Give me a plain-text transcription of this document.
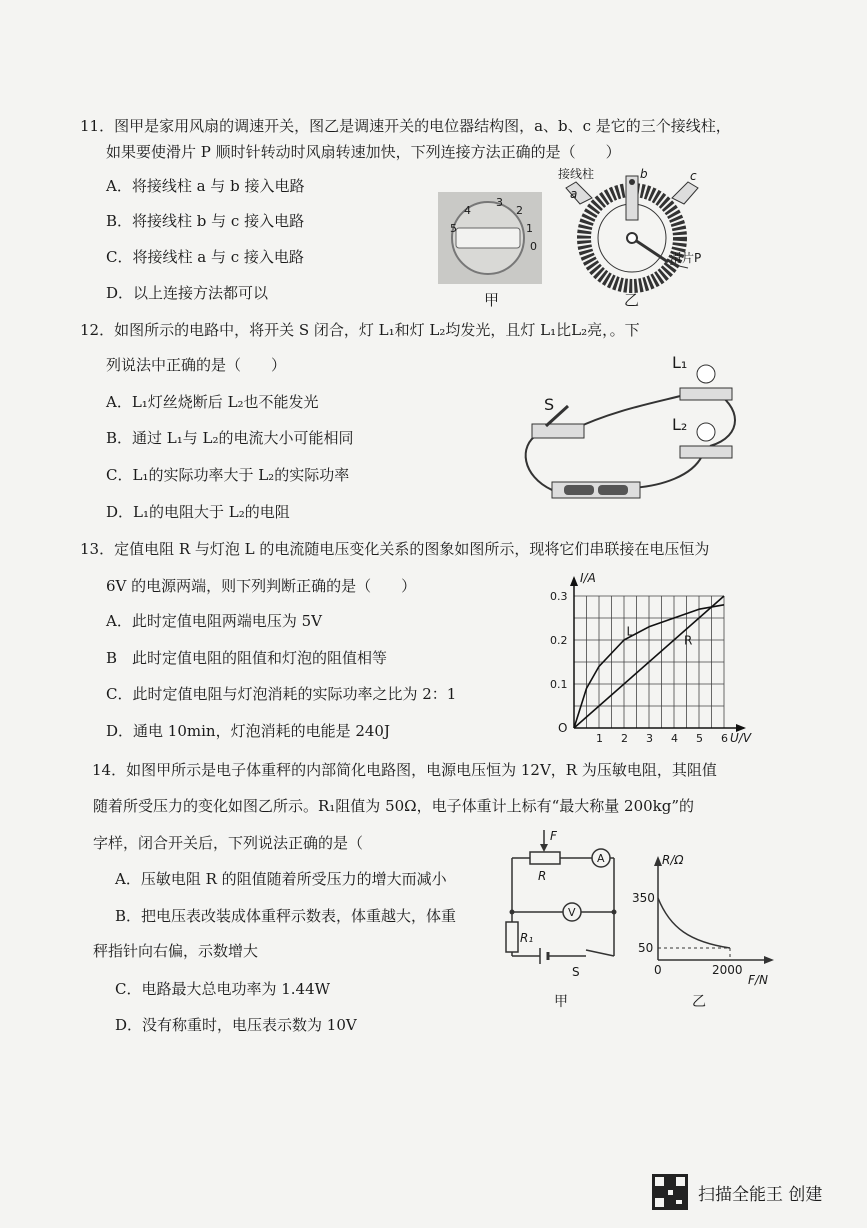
11．图甲是家用风扇的调速开关，图乙是调速开关的电位器结构图，a、b、c 是它的三个接线柱，
如果要使滑片 P 顺时针转动时风扇转速加快，下列连接方法正确的是（　　）
A．将接线柱 a 与 b 接入电路
B．将接线柱 b 与 c 接入电路
C．将接线柱 a 与 c 接入电路
D．以上连接方法都可以
3
2
1
4
5
0
甲
接线柱
a
b	c
滑片P
乙
12．如图所示的电路中，将开关 S 闭合，灯 L₁和灯 L₂均发光，且灯 L₁比L₂亮，。下
列说法中正确的是（　　）
A．L₁灯丝烧断后 L₂也不能发光
B．通过 L₁与 L₂的电流大小可能相同
C．L₁的实际功率大于 L₂的实际功率
D．L₁的电阻大于 L₂的电阻
S
L₁
L₂
13．定值电阻 R 与灯泡 L 的电流随电压变化关系的图象如图所示，现将它们串联接在电压恒为
6V 的电源两端，则下列判断正确的是（　　）
A．此时定值电阻两端电压为 5V
B　此时定值电阻的阻值和灯泡的阻值相等
C．此时定值电阻与灯泡消耗的实际功率之比为 2：1
D．通电 10min，灯泡消耗的电能是 240J
L
R
1 2 3 4 5 6
0.1
0.2
0.3
O
U/V
I/A
14．如图甲所示是电子体重秤的内部简化电路图，电源电压恒为 12V，R 为压敏电阻，其阻值
随着所受压力的变化如图乙所示。R₁阻值为 50Ω，电子体重计上标有“最大称量 200kg”的
字样，闭合开关后，下列说法正确的是（
A．压敏电阻 R 的阻值随着所受压力的增大而减小
B．把电压表改装成体重秤示数表，体重越大，体重
秤指针向右偏，示数增大
C．电路最大总电功率为 1.44W
D．没有称重时，电压表示数为 10V
F
R
A
V
R₁
S
甲
R/Ω
350
50
0	2000
F/N
乙
扫描全能王 创建
